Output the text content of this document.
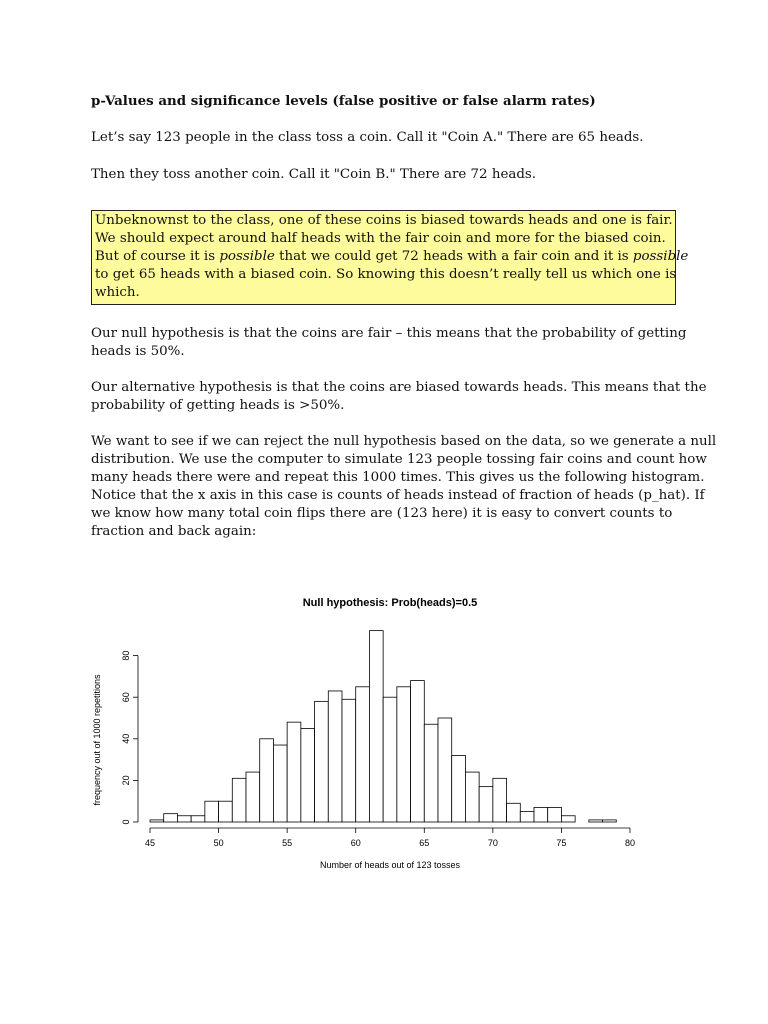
p-Values and significance levels (false positive or false alarm rates)

Let’s say 123 people in the class toss a coin. Call it "Coin A." There are 65 heads.

Then they toss another coin. Call it "Coin B." There are 72 heads.

Unbeknownst to the class, one of these coins is biased towards heads and one is fair.
We should expect around half heads with the fair coin and more for the biased coin.
But of course it is possible that we could get 72 heads with a fair coin and it is possible
to get 65 heads with a biased coin. So knowing this doesn’t really tell us which one is
which.

Our null hypothesis is that the coins are fair – this means that the probability of getting
heads is 50%.

Our alternative hypothesis is that the coins are biased towards heads. This means that the
probability of getting heads is >50%.

We want to see if we can reject the null hypothesis based on the data, so we generate a null
distribution. We use the computer to simulate 123 people tossing fair coins and count how
many heads there were and repeat this 1000 times. This gives us the following histogram.
Notice that the x axis in this case is counts of heads instead of fraction of heads (p_hat). If
we know how many total coin flips there are (123 here) it is easy to convert counts to
fraction and back again:

Null hypothesis: Prob(heads)=0.5
frequency out of 1000 repetitions
Number of heads out of 123 tosses
45	50	55	60	65	70	75	80
0
20
40
60
80
